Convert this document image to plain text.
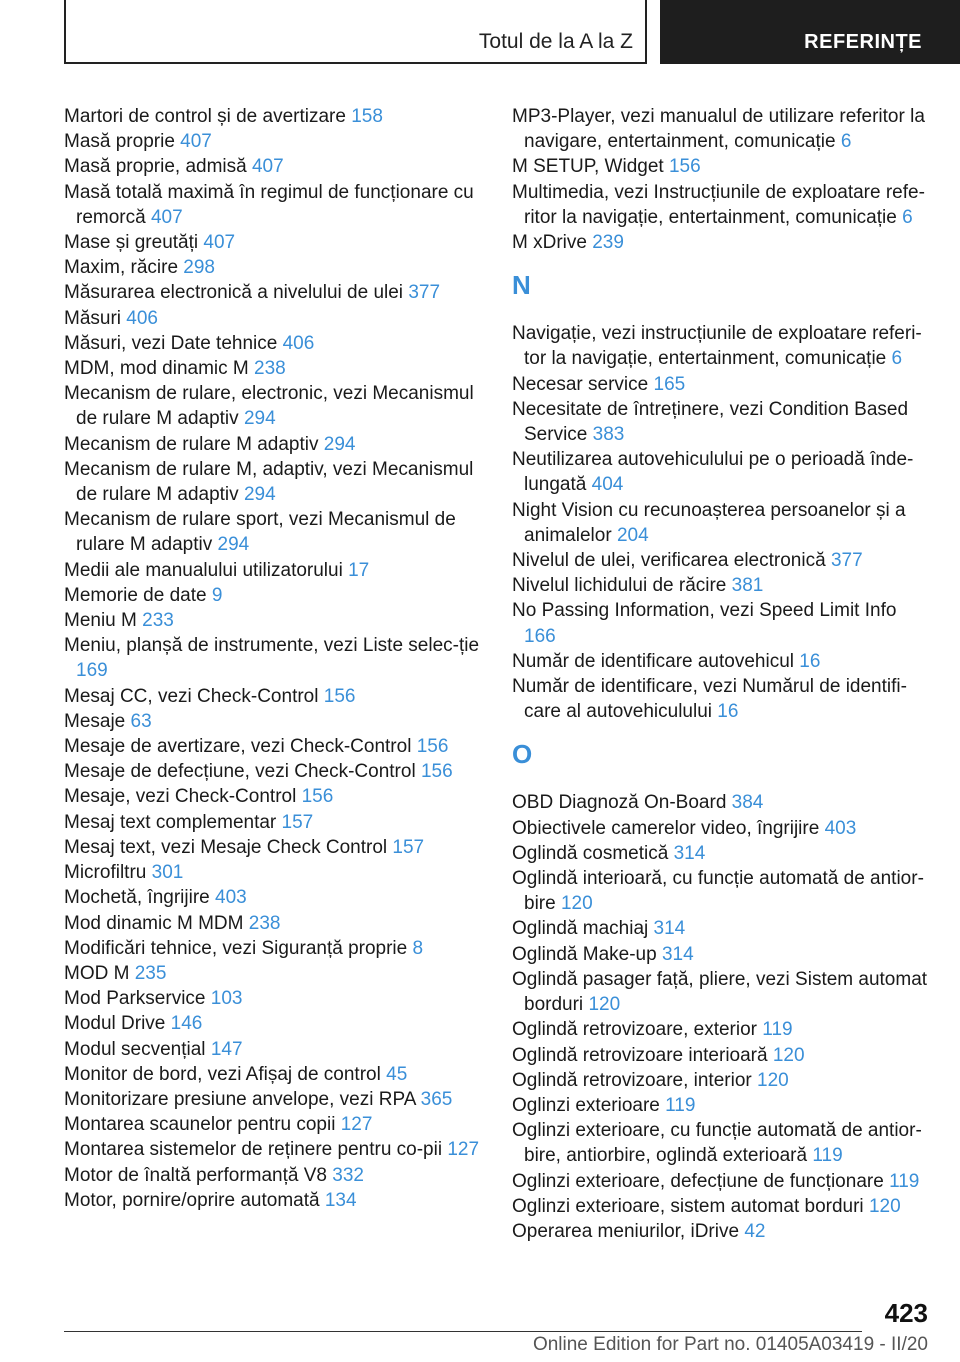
Totul de la A la Z	REFERINȚE
Martori de control și de avertizare 158
Masă proprie 407
Masă proprie, admisă 407
Masă totală maximă în regimul de funcționare cu remorcă 407
Mase și greutăți 407
Maxim, răcire 298
Măsurarea electronică a nivelului de ulei 377
Măsuri 406
Măsuri, vezi Date tehnice 406
MDM, mod dinamic M 238
Mecanism de rulare, electronic, vezi Mecanismul de rulare M adaptiv 294
Mecanism de rulare M adaptiv 294
Mecanism de rulare M, adaptiv, vezi Mecanismul de rulare M adaptiv 294
Mecanism de rulare sport, vezi Mecanismul de rulare M adaptiv 294
Medii ale manualului utilizatorului 17
Memorie de date 9
Meniu M 233
Meniu, planșă de instrumente, vezi Liste selec-ție 169
Mesaj CC, vezi Check-Control 156
Mesaje 63
Mesaje de avertizare, vezi Check-Control 156
Mesaje de defecțiune, vezi Check-Control 156
Mesaje, vezi Check-Control 156
Mesaj text complementar 157
Mesaj text, vezi Mesaje Check Control 157
Microfiltru 301
Mochetă, îngrijire 403
Mod dinamic M MDM 238
Modificări tehnice, vezi Siguranță proprie 8
MOD M 235
Mod Parkservice 103
Modul Drive 146
Modul secvențial 147
Monitor de bord, vezi Afișaj de control 45
Monitorizare presiune anvelope, vezi RPA 365
Montarea scaunelor pentru copii 127
Montarea sistemelor de reținere pentru co-pii 127
Motor de înaltă performanță V8 332
Motor, pornire/oprire automată 134
MP3-Player, vezi manualul de utilizare referitor la navigare, entertainment, comunicație 6
M SETUP, Widget 156
Multimedia, vezi Instrucțiunile de exploatare refe-ritor la navigație, entertainment, comunicație 6
M xDrive 239
N
Navigație, vezi instrucțiunile de exploatare referi-tor la navigație, entertainment, comunicație 6
Necesar service 165
Necesitate de întreținere, vezi Condition Based Service 383
Neutilizarea autovehiculului pe o perioadă înde-lungată 404
Night Vision cu recunoașterea persoanelor și a animalelor 204
Nivelul de ulei, verificarea electronică 377
Nivelul lichidului de răcire 381
No Passing Information, vezi Speed Limit Info 166
Număr de identificare autovehicul 16
Număr de identificare, vezi Numărul de identifi-care al autovehiculului 16
O
OBD Diagnoză On-Board 384
Obiectivele camerelor video, îngrijire 403
Oglindă cosmetică 314
Oglindă interioară, cu funcție automată de antior-bire 120
Oglindă machiaj 314
Oglindă Make-up 314
Oglindă pasager față, pliere, vezi Sistem automat borduri 120
Oglindă retrovizoare, exterior 119
Oglindă retrovizoare interioară 120
Oglindă retrovizoare, interior 120
Oglinzi exterioare 119
Oglinzi exterioare, cu funcție automată de antior-bire, antiorbire, oglindă exterioară 119
Oglinzi exterioare, defecțiune de funcționare 119
Oglinzi exterioare, sistem automat borduri 120
Operarea meniurilor, iDrive 42
423
Online Edition for Part no. 01405A03419 - II/20
